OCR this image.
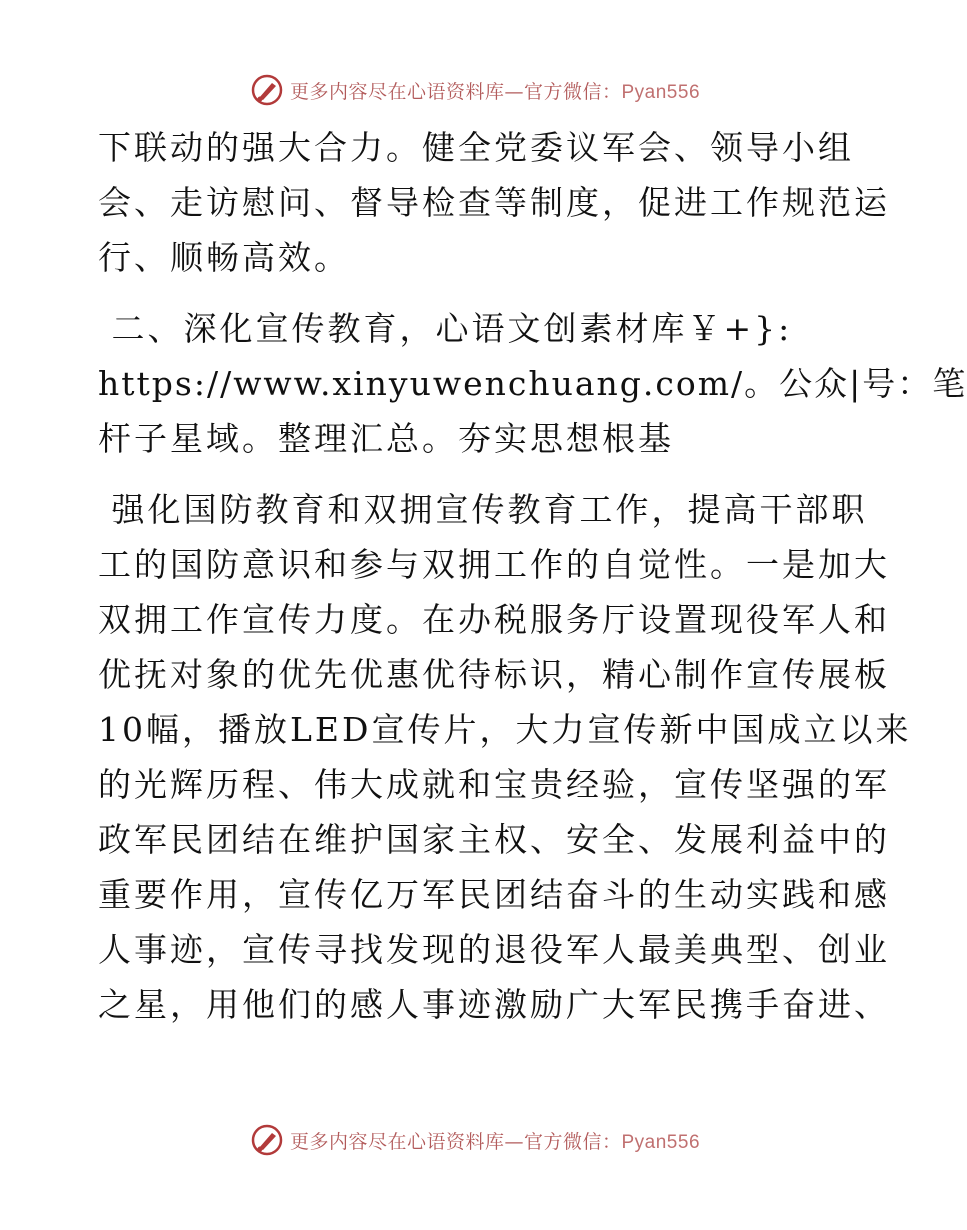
更多内容尽在心语资料库—官方微信：Pyan556

下联动的强大合力。健全党委议军会、领导小组
会、走访慰问、督导检查等制度，促进工作规范运
行、顺畅高效。

二、深化宣传教育，心语文创素材库￥+}:
https://www.xinyuwenchuang.com/。公众|号：笔
杆子星域。整理汇总。夯实思想根基

强化国防教育和双拥宣传教育工作，提高干部职
工的国防意识和参与双拥工作的自觉性。一是加大
双拥工作宣传力度。在办税服务厅设置现役军人和
优抚对象的优先优惠优待标识，精心制作宣传展板
10幅，播放LED宣传片，大力宣传新中国成立以来
的光辉历程、伟大成就和宝贵经验，宣传坚强的军
政军民团结在维护国家主权、安全、发展利益中的
重要作用，宣传亿万军民团结奋斗的生动实践和感
人事迹，宣传寻找发现的退役军人最美典型、创业
之星，用他们的感人事迹激励广大军民携手奋进、

更多内容尽在心语资料库—官方微信：Pyan556
